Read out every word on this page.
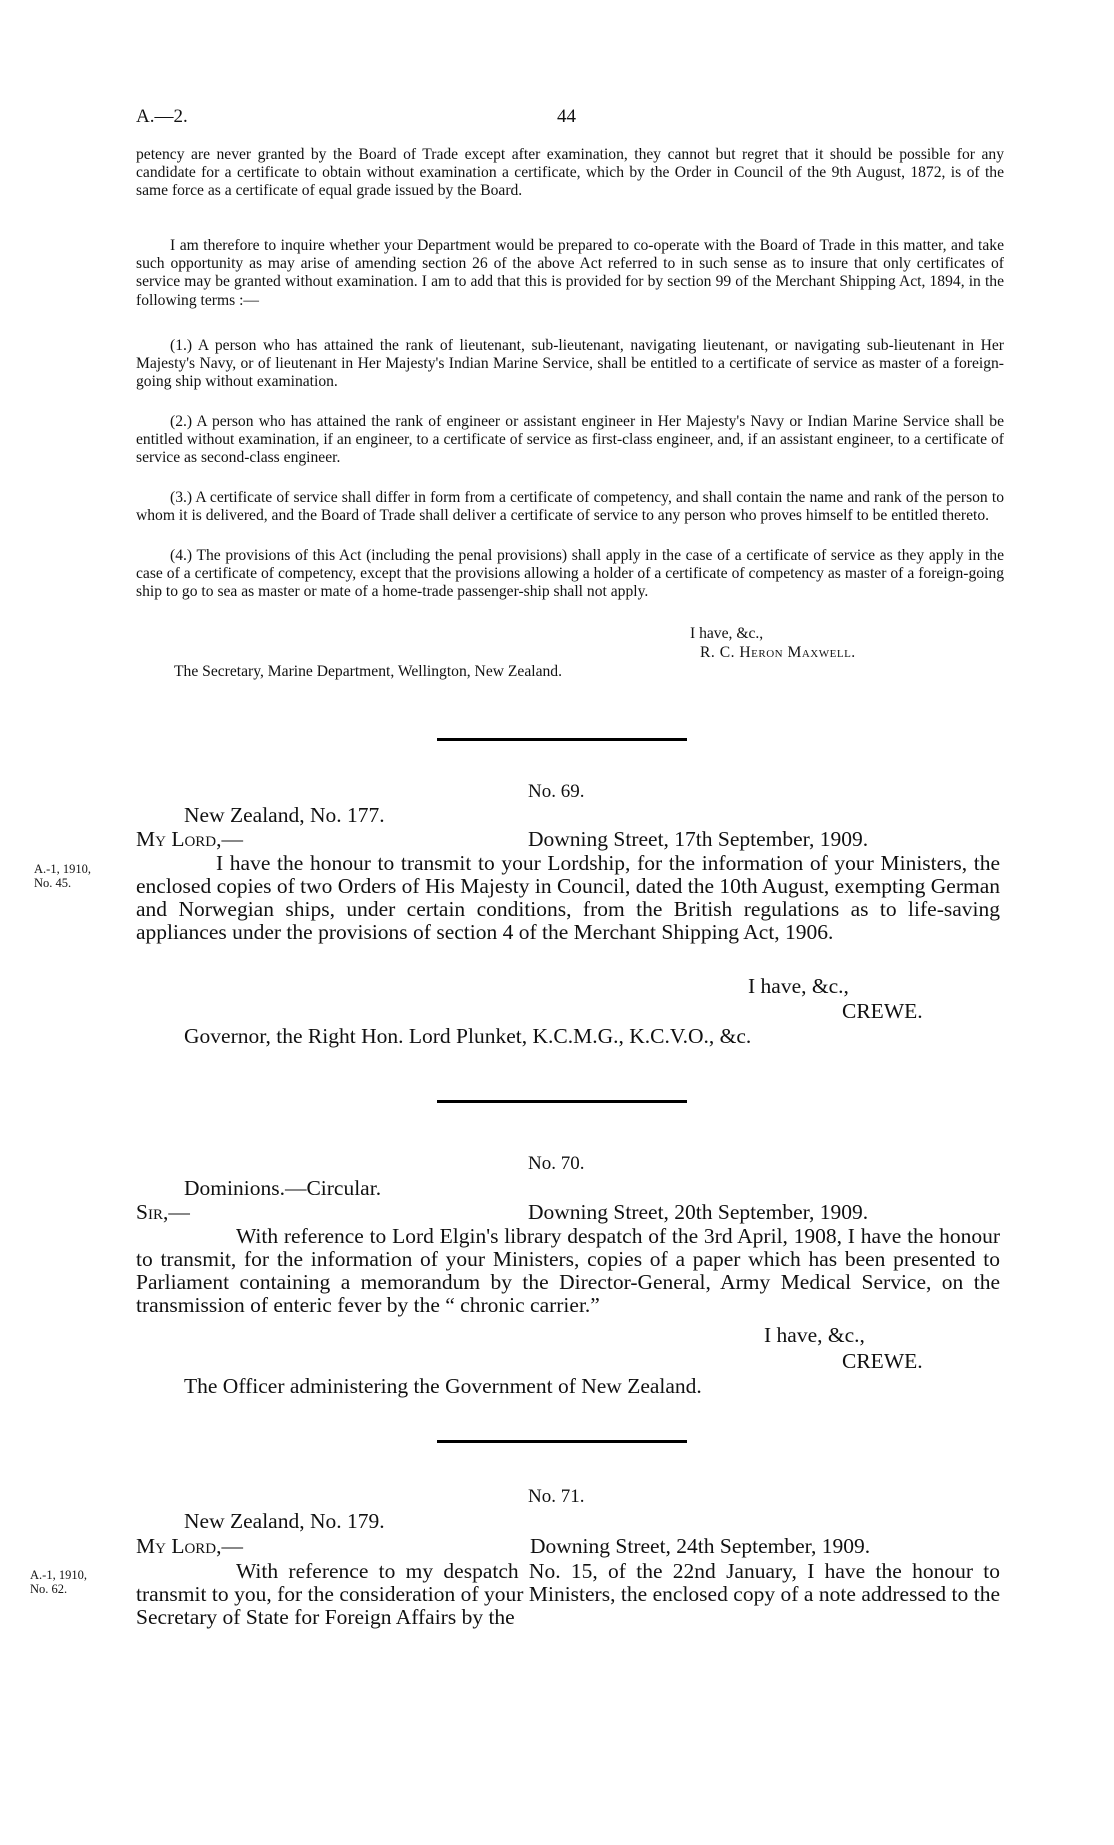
A.—2.	44

petency are never granted by the Board of Trade except after examination, they cannot but regret that it should be possible for any candidate for a certificate to obtain without examination a certificate, which by the Order in Council of the 9th August, 1872, is of the same force as a certificate of equal grade issued by the Board.

I am therefore to inquire whether your Department would be prepared to co-operate with the Board of Trade in this matter, and take such opportunity as may arise of amending section 26 of the above Act referred to in such sense as to insure that only certificates of service may be granted without examination. I am to add that this is provided for by section 99 of the Merchant Shipping Act, 1894, in the following terms :—

(1.) A person who has attained the rank of lieutenant, sub-lieutenant, navigating lieutenant, or navigating sub-lieutenant in Her Majesty's Navy, or of lieutenant in Her Majesty's Indian Marine Service, shall be entitled to a certificate of service as master of a foreign-going ship without examination.

(2.) A person who has attained the rank of engineer or assistant engineer in Her Majesty's Navy or Indian Marine Service shall be entitled without examination, if an engineer, to a certificate of service as first-class engineer, and, if an assistant engineer, to a certificate of service as second-class engineer.

(3.) A certificate of service shall differ in form from a certificate of competency, and shall contain the name and rank of the person to whom it is delivered, and the Board of Trade shall deliver a certificate of service to any person who proves himself to be entitled thereto.

(4.) The provisions of this Act (including the penal provisions) shall apply in the case of a certificate of service as they apply in the case of a certificate of competency, except that the provisions allowing a holder of a certificate of competency as master of a foreign-going ship to go to sea as master or mate of a home-trade passenger-ship shall not apply.

I have, &c.,
R. C. Heron Maxwell.
The Secretary, Marine Department, Wellington, New Zealand.
No. 69.
New Zealand, No. 177.
My Lord,—	Downing Street, 17th September, 1909.
A.-1, 1910,
No. 45.

I have the honour to transmit to your Lordship, for the information of your Ministers, the enclosed copies of two Orders of His Majesty in Council, dated the 10th August, exempting German and Norwegian ships, under certain conditions, from the British regulations as to life-saving appliances under the provisions of section 4 of the Merchant Shipping Act, 1906.

I have, &c.,
CREWE.
Governor, the Right Hon. Lord Plunket, K.C.M.G., K.C.V.O., &c.
No. 70.
Dominions.—Circular.
Sir,—	Downing Street, 20th September, 1909.

With reference to Lord Elgin's library despatch of the 3rd April, 1908, I have the honour to transmit, for the information of your Ministers, copies of a paper which has been presented to Parliament containing a memorandum by the Director-General, Army Medical Service, on the transmission of enteric fever by the “ chronic carrier.”

I have, &c.,
CREWE.
The Officer administering the Government of New Zealand.
No. 71.
New Zealand, No. 179.
My Lord,—	Downing Street, 24th September, 1909.
A.-1, 1910,
No. 62.

With reference to my despatch No. 15, of the 22nd January, I have the honour to transmit to you, for the consideration of your Ministers, the enclosed copy of a note addressed to the Secretary of State for Foreign Affairs by the
